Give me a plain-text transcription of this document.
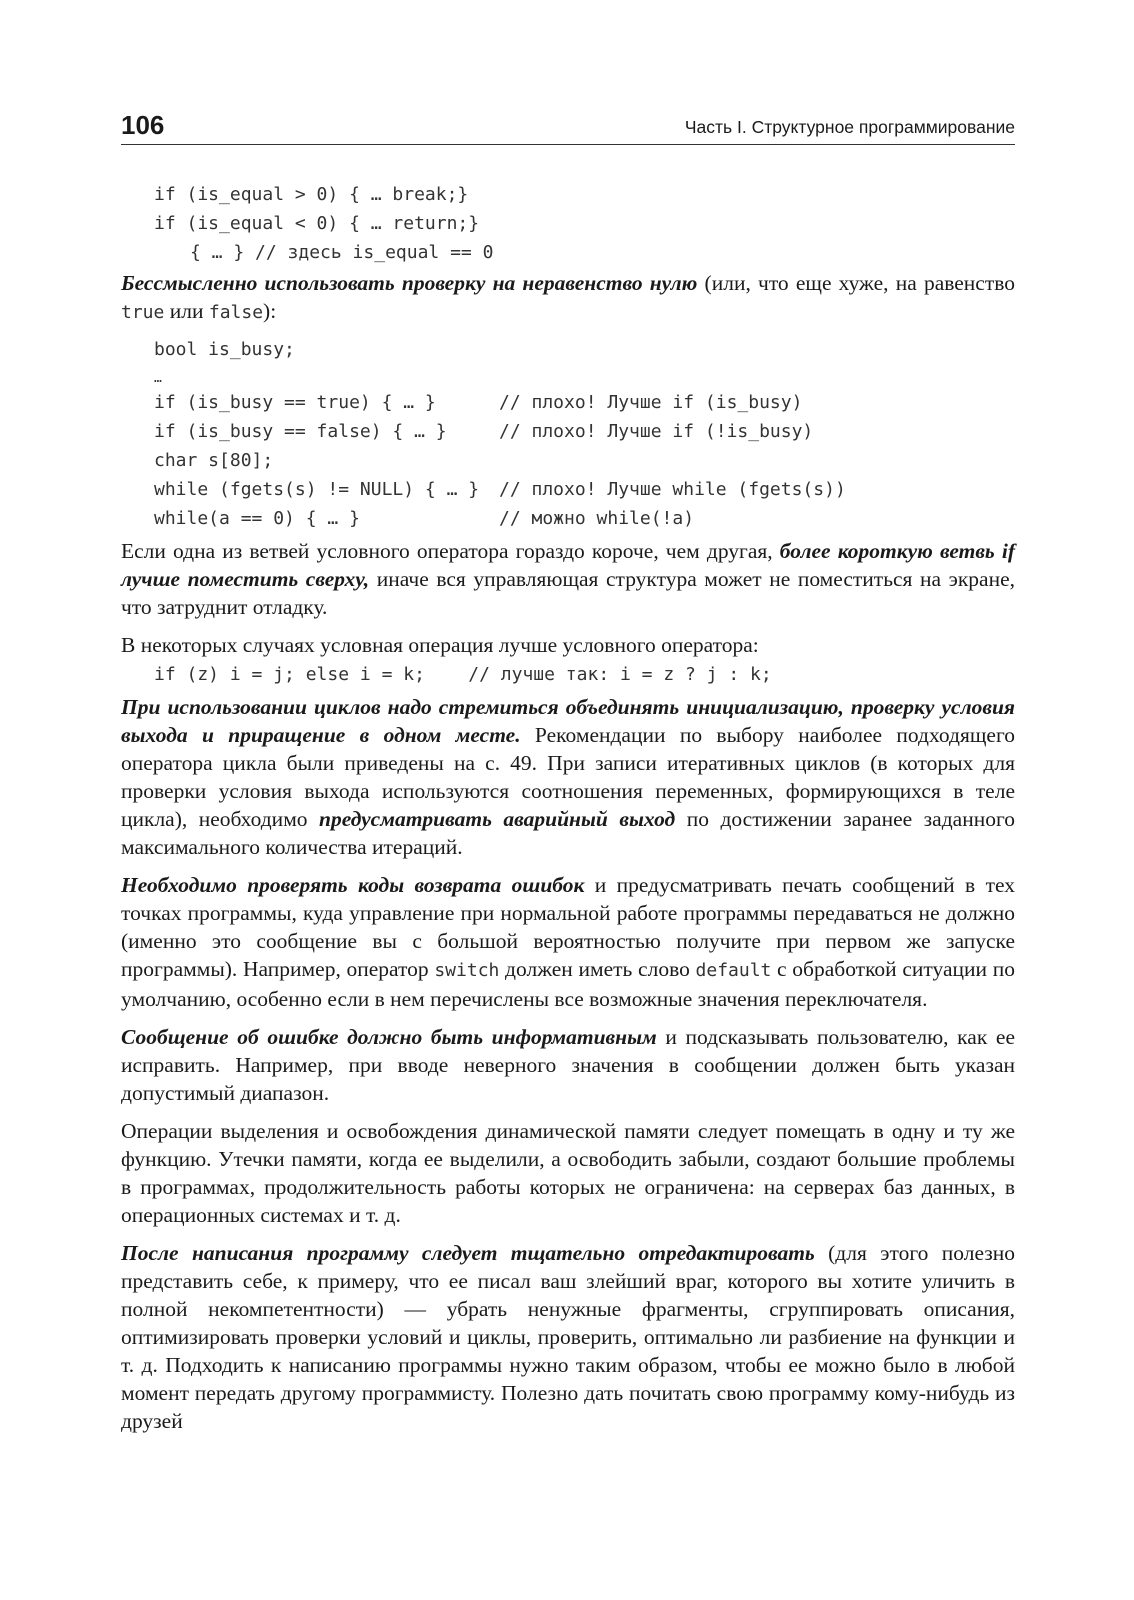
106	Часть I. Структурное программирование
if (is_equal > 0) { … break;}
if (is_equal < 0) { … return;}
{ … } // здесь is_equal == 0

Бессмысленно использовать проверку на неравенство нулю (или, что еще хуже, на равенство true или false):

bool is_busy;
…
if (is_busy == true) { … }	// плохо! Лучше if (is_busy)
if (is_busy == false) { … }	// плохо! Лучше if (!is_busy)
char s[80];
while (fgets(s) != NULL) { … } // плохо! Лучше while (fgets(s))
while(a == 0) { … }	// можно while(!a)

Если одна из ветвей условного оператора гораздо короче, чем другая, более короткую ветвь if лучше поместить сверху, иначе вся управляющая структура может не поместиться на экране, что затруднит отладку.

В некоторых случаях условная операция лучше условного оператора:

if (z) i = j; else i = k;    // лучше так: i = z ? j : k;

При использовании циклов надо стремиться объединять инициализацию, проверку условия выхода и приращение в одном месте. Рекомендации по выбору наиболее подходящего оператора цикла были приведены на с. 49. При записи итеративных циклов (в которых для проверки условия выхода используются соотношения переменных, формирующихся в теле цикла), необходимо предусматривать аварийный выход по достижении заранее заданного максимального количества итераций.

Необходимо проверять коды возврата ошибок и предусматривать печать сообщений в тех точках программы, куда управление при нормальной работе программы передаваться не должно (именно это сообщение вы с большой вероятностью получите при первом же запуске программы). Например, оператор switch должен иметь слово default с обработкой ситуации по умолчанию, особенно если в нем перечислены все возможные значения переключателя.

Сообщение об ошибке должно быть информативным и подсказывать пользователю, как ее исправить. Например, при вводе неверного значения в сообщении должен быть указан допустимый диапазон.

Операции выделения и освобождения динамической памяти следует помещать в одну и ту же функцию. Утечки памяти, когда ее выделили, а освободить забыли, создают большие проблемы в программах, продолжительность работы которых не ограничена: на серверах баз данных, в операционных системах и т. д.

После написания программу следует тщательно отредактировать (для этого полезно представить себе, к примеру, что ее писал ваш злейший враг, которого вы хотите уличить в полной некомпетентности) — убрать ненужные фрагменты, сгруппировать описания, оптимизировать проверки условий и циклы, проверить, оптимально ли разбиение на функции и т. д. Подходить к написанию программы нужно таким образом, чтобы ее можно было в любой момент передать другому программисту. Полезно дать почитать свою программу кому-нибудь из друзей
